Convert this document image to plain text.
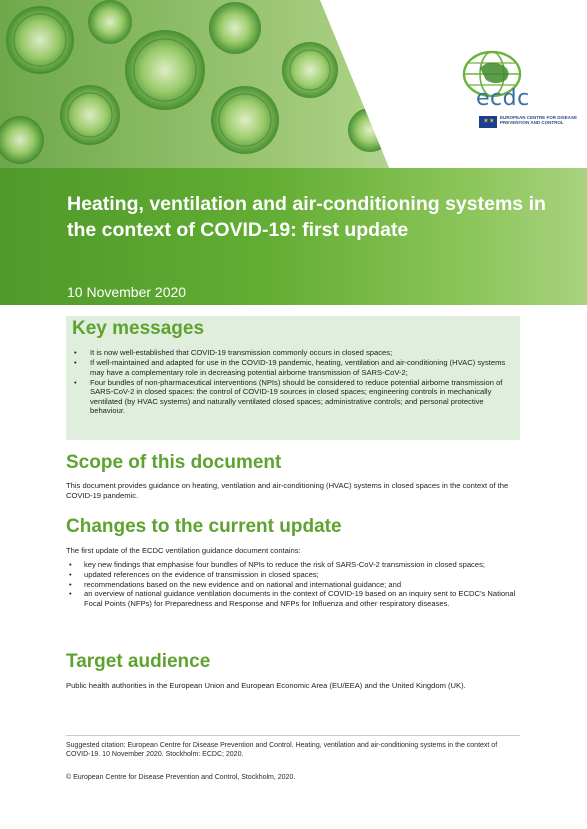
ecdc
✶✶
EUROPEAN CENTRE FOR DISEASE PREVENTION AND CONTROL
Heating, ventilation and air-conditioning systems in the context of COVID-19: first update
10 November 2020
Key messages
• It is now well-established that COVID-19 transmission commonly occurs in closed spaces;
• If well-maintained and adapted for use in the COVID-19 pandemic, heating, ventilation and air-conditioning (HVAC) systems may have a complementary role in decreasing potential airborne transmission of SARS-CoV-2;
• Four bundles of non-pharmaceutical interventions (NPIs) should be considered to reduce potential airborne transmission of SARS-CoV-2 in closed spaces: the control of COVID-19 sources in closed spaces; engineering controls in mechanically ventilated (by HVAC systems) and naturally ventilated closed spaces; administrative controls; and personal protective behaviour.
Scope of this document

This document provides guidance on heating, ventilation and air-conditioning (HVAC) systems in closed spaces in the context of the COVID-19 pandemic.

Changes to the current update

The first update of the ECDC ventilation guidance document contains:

• key new findings that emphasise four bundles of NPIs to reduce the risk of SARS-CoV-2 transmission in closed spaces;
• updated references on the evidence of transmission in closed spaces;
• recommendations based on the new evidence and on national and international guidance; and
• an overview of national guidance ventilation documents in the context of COVID-19 based on an inquiry sent to ECDC’s National Focal Points (NFPs) for Preparedness and Response and NFPs for Influenza and other respiratory diseases.
Target audience

Public health authorities in the European Union and European Economic Area (EU/EEA) and the United Kingdom (UK).

Suggested citation: European Centre for Disease Prevention and Control. Heating, ventilation and air-conditioning systems in the context of COVID-19. 10 November 2020. Stockholm: ECDC; 2020.

© European Centre for Disease Prevention and Control, Stockholm, 2020.
